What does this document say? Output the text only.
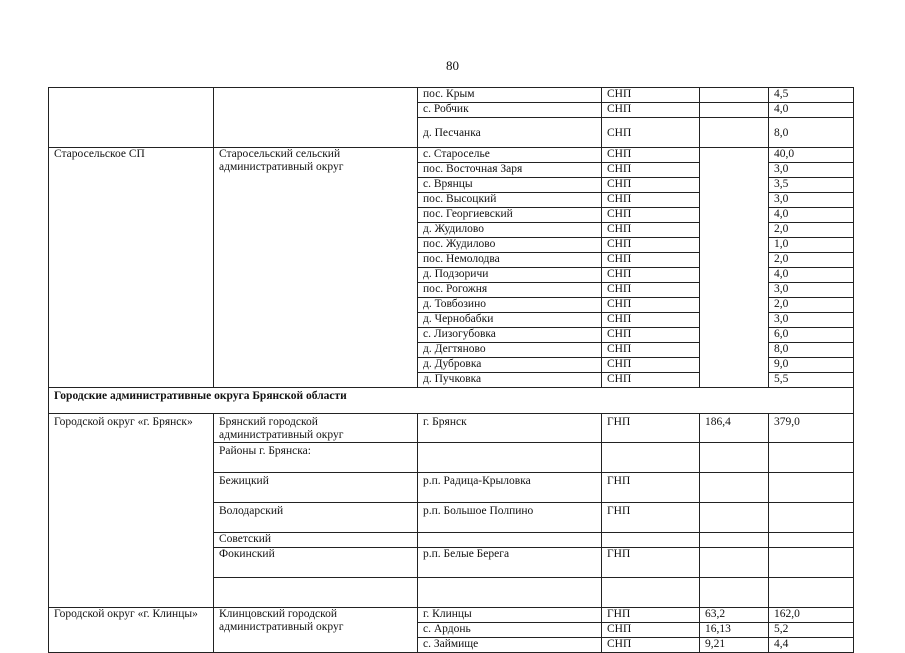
80
		пос. Крым	СНП		4,5
		с. Робчик	СНП		4,0
		д. Песчанка	СНП		8,0
Старосельское СП	Старосельский сельский административный округ	с. Староселье	СНП		40,0
		пос. Восточная Заря	СНП		3,0
		с. Врянцы	СНП		3,5
		пос. Высоцкий	СНП		3,0
		пос. Георгиевский	СНП		4,0
		д. Жудилово	СНП		2,0
		пос. Жудилово	СНП		1,0
		пос. Немолодва	СНП		2,0
		д. Подзоричи	СНП		4,0
		пос. Рогожня	СНП		3,0
		д. Товбозино	СНП		2,0
		д. Чернобабки	СНП		3,0
		с. Лизогубовка	СНП		6,0
		д. Дегтяново	СНП		8,0
		д. Дубровка	СНП		9,0
		д. Пучковка	СНП		5,5
Городские административные округа Брянской области					
Городской округ «г. Брянск»	Брянский городской административный округ	г. Брянск	ГНП	186,4	379,0
	Районы г. Брянска:				
	Бежицкий	р.п. Радица-Крыловка	ГНП		
	Володарский	р.п. Большое Полпино	ГНП		
	Советский				
	Фокинский	р.п. Белые Берега	ГНП		

Городской округ «г. Клинцы»	Клинцовский городской административный округ	г. Клинцы	ГНП	63,2	162,0
		с. Ардонь	СНП	16,13	5,2
		с. Займище	СНП	9,21	4,4
